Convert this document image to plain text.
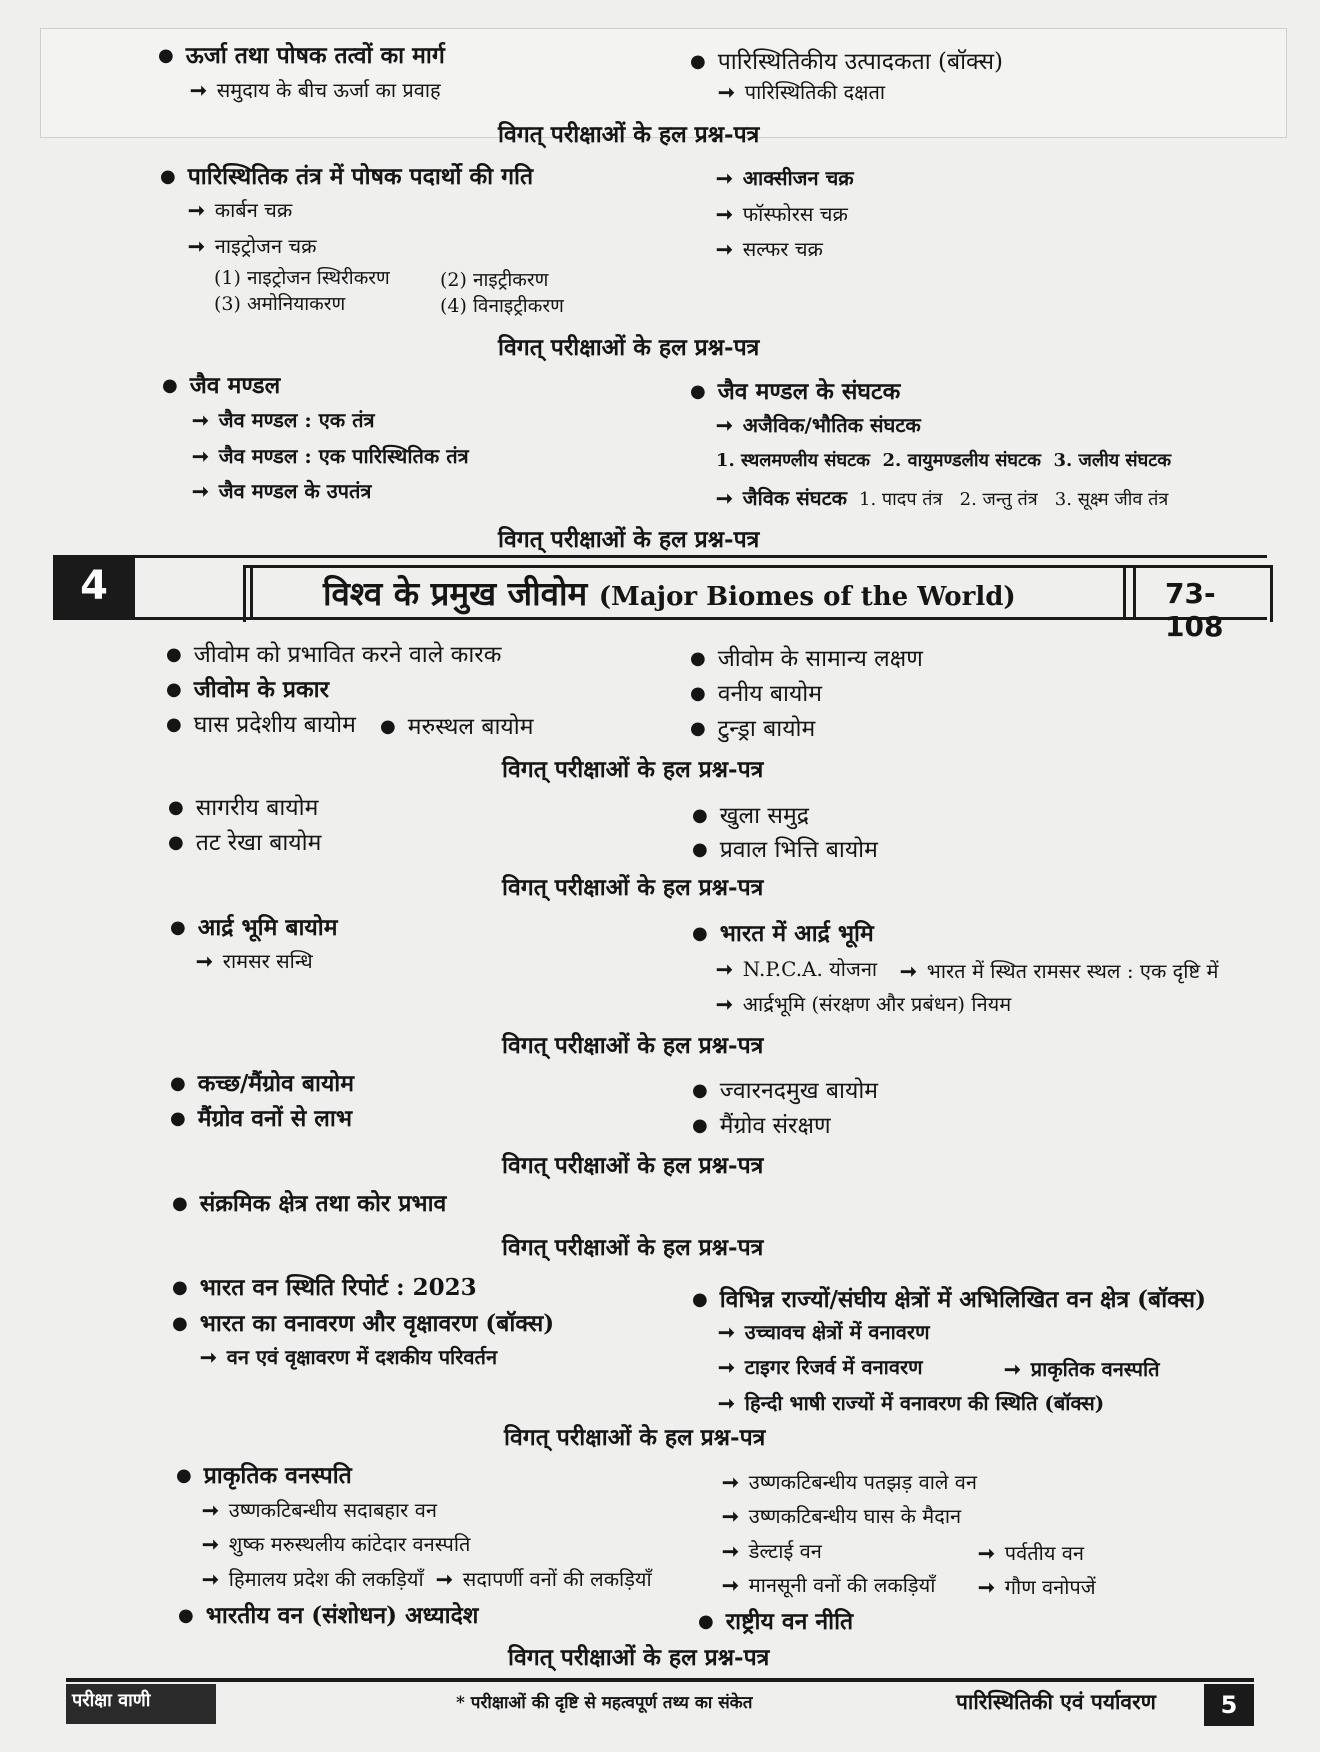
● ऊर्जा तथा पोषक तत्वों का मार्ग
➞ समुदाय के बीच ऊर्जा का प्रवाह
● पारिस्थितिकीय उत्पादकता (बॉक्स)
➞ पारिस्थितिकी दक्षता
विगत् परीक्षाओं के हल प्रश्न-पत्र
● पारिस्थितिक तंत्र में पोषक पदार्थो की गति
➞ कार्बन चक्र
➞ नाइट्रोजन चक्र
(1) नाइट्रोजन स्थिरीकरण	(2) नाइट्रीकरण
(3) अमोनियाकरण	(4) विनाइट्रीकरण
➞ आक्सीजन चक्र
➞ फॉस्फोरस चक्र
➞ सल्फर चक्र
विगत् परीक्षाओं के हल प्रश्न-पत्र
● जैव मण्डल
➞ जैव मण्डल : एक तंत्र
➞ जैव मण्डल : एक पारिस्थितिक तंत्र
➞ जैव मण्डल के उपतंत्र
● जैव मण्डल के संघटक
➞ अजैविक/भौतिक संघटक
1. स्थलमण्लीय संघटक  2. वायुमण्डलीय संघटक  3. जलीय संघटक
➞ जैविक संघटक 1. पादप तंत्र   2. जन्तु तंत्र   3. सूक्ष्म जीव तंत्र
विगत् परीक्षाओं के हल प्रश्न-पत्र
4	विश्व के प्रमुख जीवोम (Major Biomes of the World)	73-108
● जीवोम को प्रभावित करने वाले कारक
● जीवोम के प्रकार
● घास प्रदेशीय बायोम
●	मरुस्थल बायोम
● जीवोम के सामान्य लक्षण
● वनीय बायोम
● टुन्ड्रा बायोम
विगत् परीक्षाओं के हल प्रश्न-पत्र
● सागरीय बायोम
● तट रेखा बायोम
● खुला समुद्र
● प्रवाल भित्ति बायोम
विगत् परीक्षाओं के हल प्रश्न-पत्र
● आर्द्र भूमि बायोम
➞ रामसर सन्धि
● भारत में आर्द्र भूमि
➞ N.P.C.A. योजना ➞ भारत में स्थित रामसर स्थल : एक दृष्टि में
➞ आर्द्रभूमि (संरक्षण और प्रबंधन) नियम
विगत् परीक्षाओं के हल प्रश्न-पत्र
● कच्छ/मैंग्रोव बायोम
● मैंग्रोव वनों से लाभ
● ज्वारनदमुख बायोम
● मैंग्रोव संरक्षण
विगत् परीक्षाओं के हल प्रश्न-पत्र
● संक्रमिक क्षेत्र तथा कोर प्रभाव
विगत् परीक्षाओं के हल प्रश्न-पत्र
● भारत वन स्थिति रिपोर्ट : 2023
● भारत का वनावरण और वृक्षावरण (बॉक्स)
➞ वन एवं वृक्षावरण में दशकीय परिवर्तन
● विभिन्न राज्यों/संघीय क्षेत्रों में अभिलिखित वन क्षेत्र (बॉक्स)
➞ उच्चावच क्षेत्रों में वनावरण
➞ टाइगर रिजर्व में वनावरण	➞ प्राकृतिक वनस्पति
➞ हिन्दी भाषी राज्यों में वनावरण की स्थिति (बॉक्स)
विगत् परीक्षाओं के हल प्रश्न-पत्र
● प्राकृतिक वनस्पति
➞ उष्णकटिबन्धीय सदाबहार वन
➞ शुष्क मरुस्थलीय कांटेदार वनस्पति
➞ हिमालय प्रदेश की लकड़ियाँ ➞ सदापर्णी वनों की लकड़ियाँ
● भारतीय वन (संशोधन) अध्यादेश
➞ उष्णकटिबन्धीय पतझड़ वाले वन
➞ उष्णकटिबन्धीय घास के मैदान
➞ डेल्टाई वन	➞ पर्वतीय वन
➞ मानसूनी वनों की लकड़ियाँ ➞ गौण वनोपजें
● राष्ट्रीय वन नीति
विगत् परीक्षाओं के हल प्रश्न-पत्र
परीक्षा वाणी	* परीक्षाओं की दृष्टि से महत्वपूर्ण तथ्य का संकेत	पारिस्थितिकी एवं पर्यावरण	5
